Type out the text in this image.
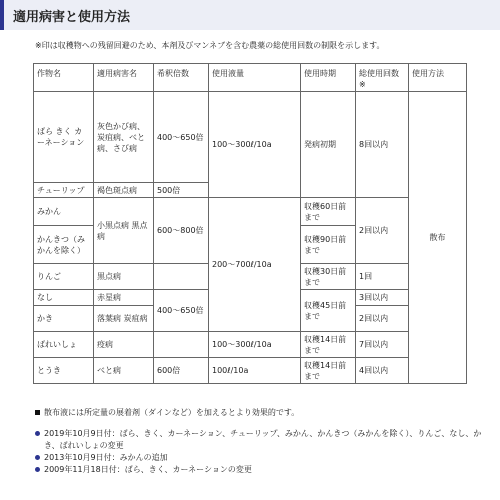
適用病害と使用方法
※印は収穫物への残留回避のため、本剤及びマンネブを含む農薬の総使用回数の制限を示します。
作物名	適用病害名	希釈倍数	使用液量	使用時期	総使用回数※	使用方法
ばら きく カーネーション	灰色かび病、炭疽病、べと病、さび病	400～650倍	100～300ℓ/10a	発病初期	8回以内	散布
チューリップ	褐色斑点病	500倍				
みかん	小黒点病 黒点病	600～800倍	200～700ℓ/10a	収穫60日前まで	2回以内	
かんきつ（みかんを除く）				収穫90日前まで		
りんご	黒点病			収穫30日前まで	1回	
なし	赤星病	400～650倍		収穫45日前まで	3回以内	
かき	落葉病 炭疽病				2回以内	
ばれいしょ	疫病		100～300ℓ/10a	収穫14日前まで	7回以内	
とうき	べと病	600倍	100ℓ/10a	収穫14日前まで	4回以内	
散布液には所定量の展着剤（ダインなど）を加えるとより効果的です。
2019年10月9日付：ばら、きく、カーネーション、チューリップ、みかん、かんきつ（みかんを除く）、りんご、なし、かき、ばれいしょの変更
2013年10月9日付：みかんの追加
2009年11月18日付：ばら、きく、カーネーションの変更
